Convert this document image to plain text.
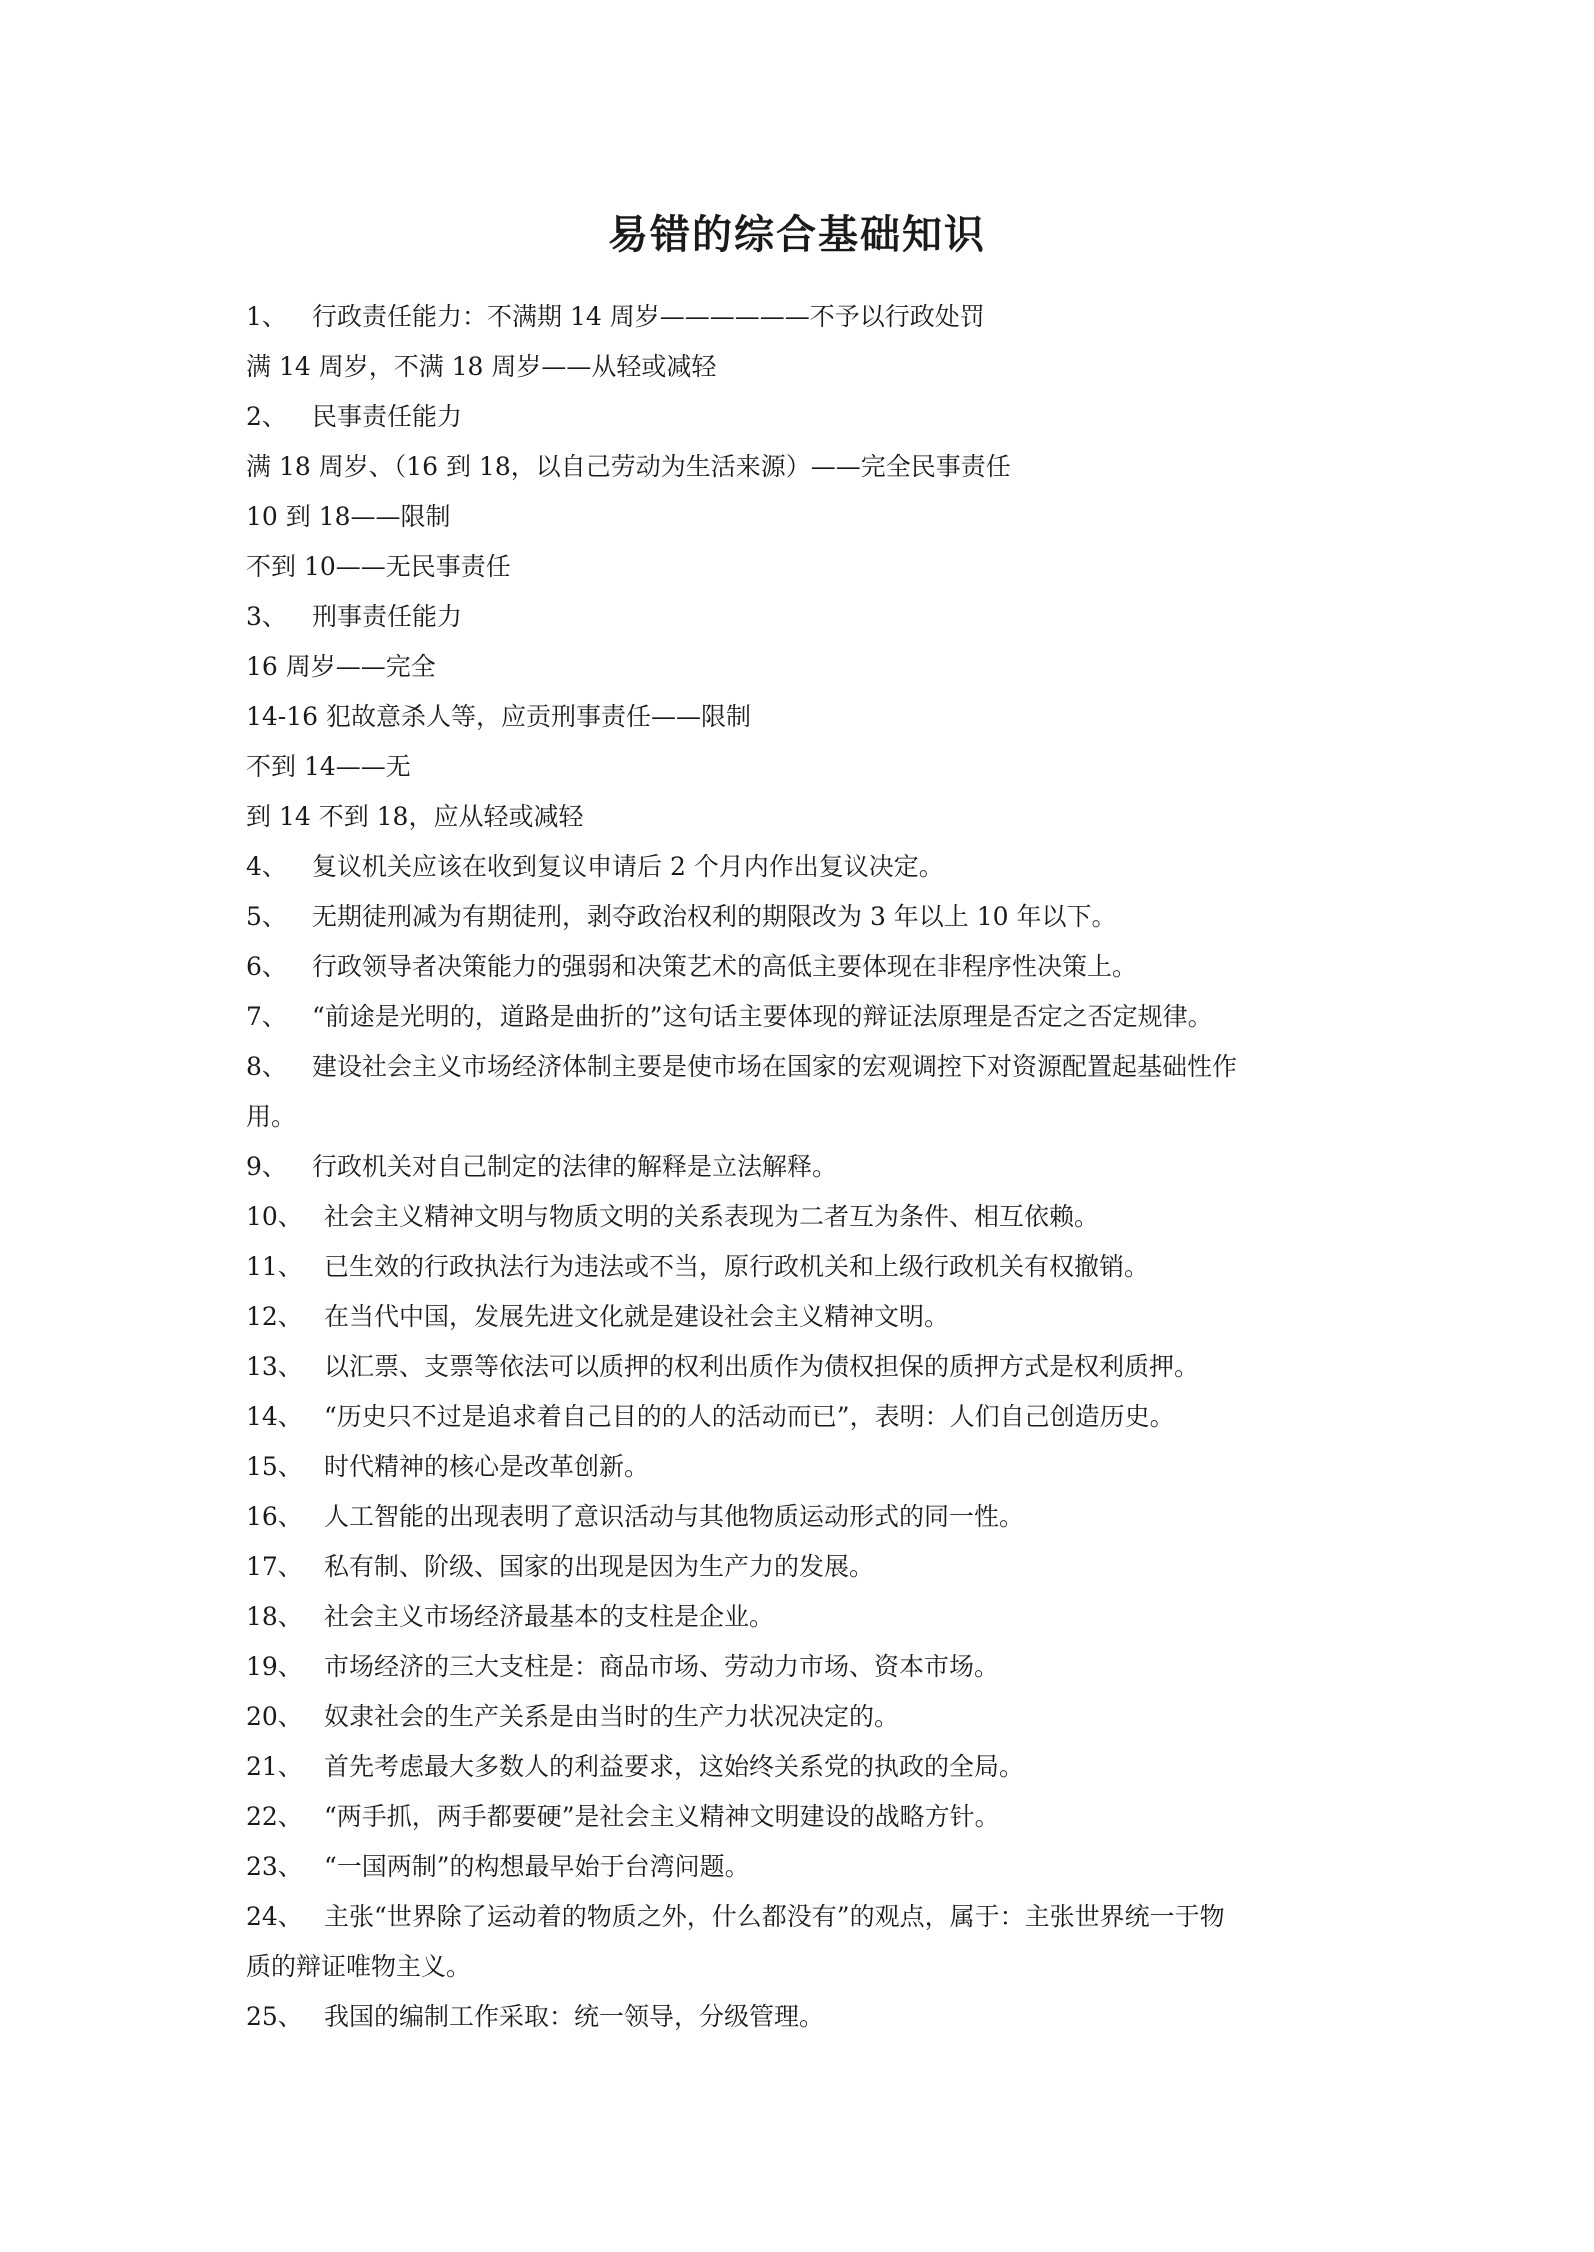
易错的综合基础知识
1、 行政责任能力：不满期 14 周岁——————不予以行政处罚
满 14 周岁，不满 18 周岁——从轻或减轻
2、 民事责任能力
满 18 周岁、（16 到 18，以自己劳动为生活来源）——完全民事责任
10 到 18——限制
不到 10——无民事责任
3、 刑事责任能力
16 周岁——完全
14-16 犯故意杀人等，应贡刑事责任——限制
不到 14——无
到 14 不到 18，应从轻或减轻
4、 复议机关应该在收到复议申请后 2 个月内作出复议决定。
5、 无期徒刑减为有期徒刑，剥夺政治权利的期限改为 3 年以上 10 年以下。
6、 行政领导者决策能力的强弱和决策艺术的高低主要体现在非程序性决策上。
7、 “前途是光明的，道路是曲折的”这句话主要体现的辩证法原理是否定之否定规律。
8、 建设社会主义市场经济体制主要是使市场在国家的宏观调控下对资源配置起基础性作
用。
9、 行政机关对自己制定的法律的解释是立法解释。
10、 社会主义精神文明与物质文明的关系表现为二者互为条件、相互依赖。
11、 已生效的行政执法行为违法或不当，原行政机关和上级行政机关有权撤销。
12、 在当代中国，发展先进文化就是建设社会主义精神文明。
13、 以汇票、支票等依法可以质押的权利出质作为债权担保的质押方式是权利质押。
14、 “历史只不过是追求着自己目的的人的活动而已”，表明：人们自己创造历史。
15、 时代精神的核心是改革创新。
16、 人工智能的出现表明了意识活动与其他物质运动形式的同一性。
17、 私有制、阶级、国家的出现是因为生产力的发展。
18、 社会主义市场经济最基本的支柱是企业。
19、 市场经济的三大支柱是：商品市场、劳动力市场、资本市场。
20、 奴隶社会的生产关系是由当时的生产力状况决定的。
21、 首先考虑最大多数人的利益要求，这始终关系党的执政的全局。
22、 “两手抓，两手都要硬”是社会主义精神文明建设的战略方针。
23、 “一国两制”的构想最早始于台湾问题。
24、 主张“世界除了运动着的物质之外，什么都没有”的观点，属于：主张世界统一于物
质的辩证唯物主义。
25、 我国的编制工作采取：统一领导，分级管理。
